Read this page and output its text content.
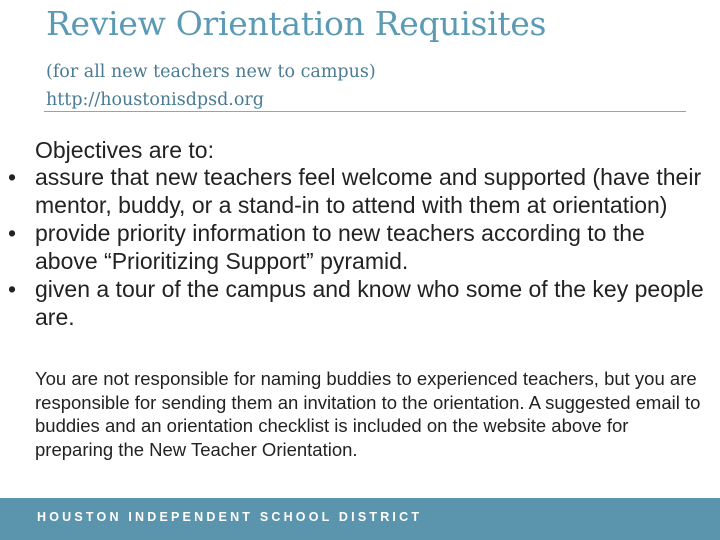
Review Orientation Requisites
(for all new teachers new to campus)
http://houstonisdpsd.org
Objectives are to:
• assure that new teachers feel welcome and supported (have their mentor, buddy, or a stand-in to attend with them at orientation)
• provide priority information to new teachers according to the above “Prioritizing Support” pyramid.
• given a tour of the campus and know who some of the key people are.
You are not responsible for naming buddies to experienced teachers, but you are responsible for sending them an invitation to the orientation. A suggested email to buddies and an orientation checklist is included on the website above for preparing the New Teacher Orientation.
HOUSTON INDEPENDENT SCHOOL DISTRICT
